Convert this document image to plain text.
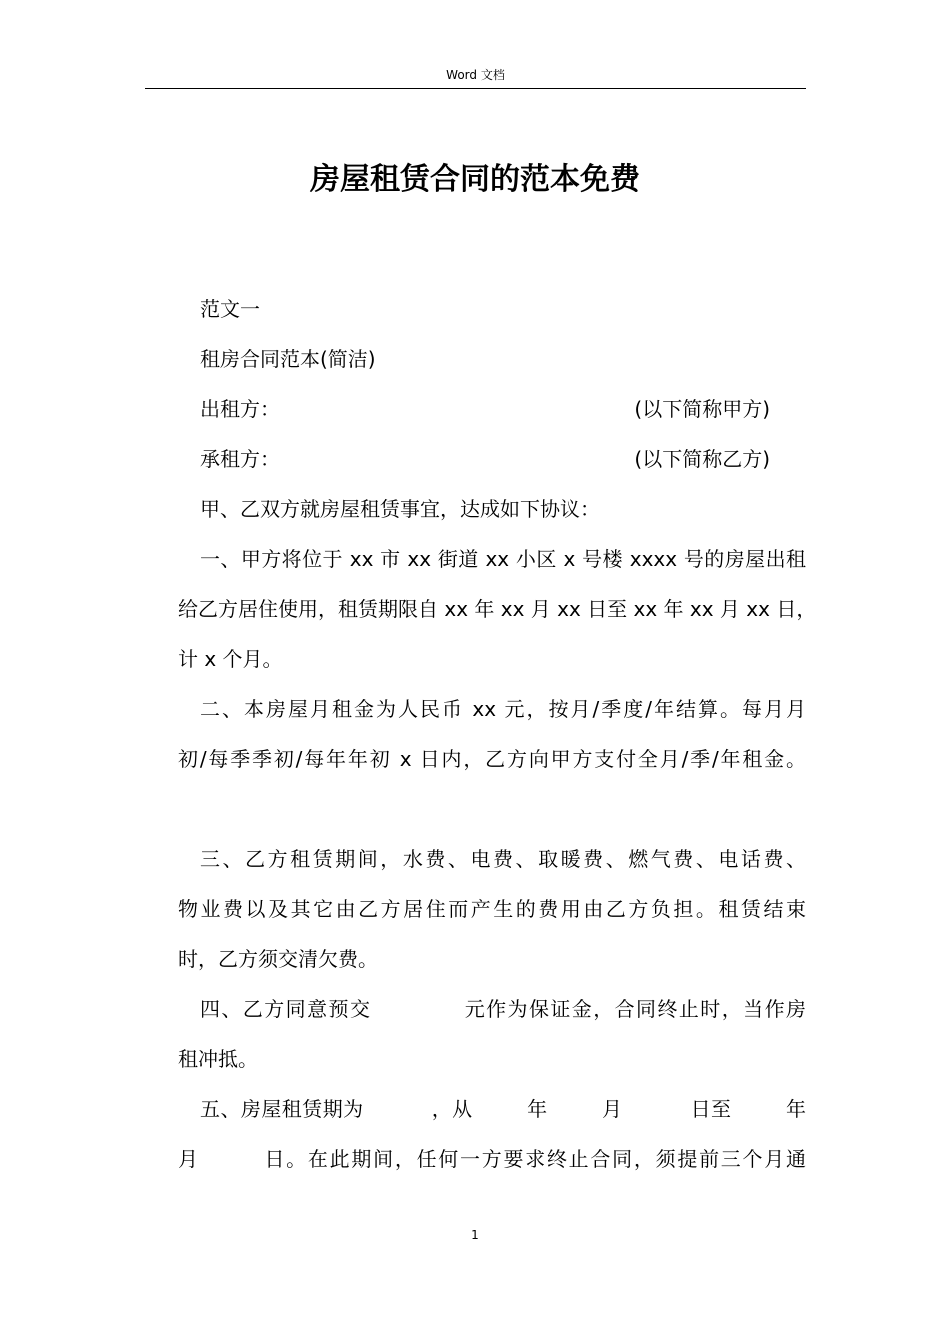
Word 文档
房屋租赁合同的范本免费
范文一
租房合同范本(简洁)
出租方：	(以下简称甲方)
承租方：	(以下简称乙方)
甲、乙双方就房屋租赁事宜，达成如下协议：
一、甲方将位于 xx 市 xx 街道 xx 小区 x 号楼 xxxx 号的房屋出租
给乙方居住使用，租赁期限自 xx 年 xx 月 xx 日至 xx 年 xx 月 xx 日，
计 x 个月。
二、本房屋月租金为人民币 xx 元，按月/季度/年结算。每月月
初/每季季初/每年年初 x 日内，乙方向甲方支付全月/季/年租金。
三、乙方租赁期间，水费、电费、取暖费、燃气费、电话费、
物业费以及其它由乙方居住而产生的费用由乙方负担。租赁结束
时，乙方须交清欠费。
四、乙方同意预交            元作为保证金，合同终止时，当作房
租冲抵。
五、房屋租赁期为          ，从        年        月          日至        年
月        日。在此期间，任何一方要求终止合同，须提前三个月通
1
